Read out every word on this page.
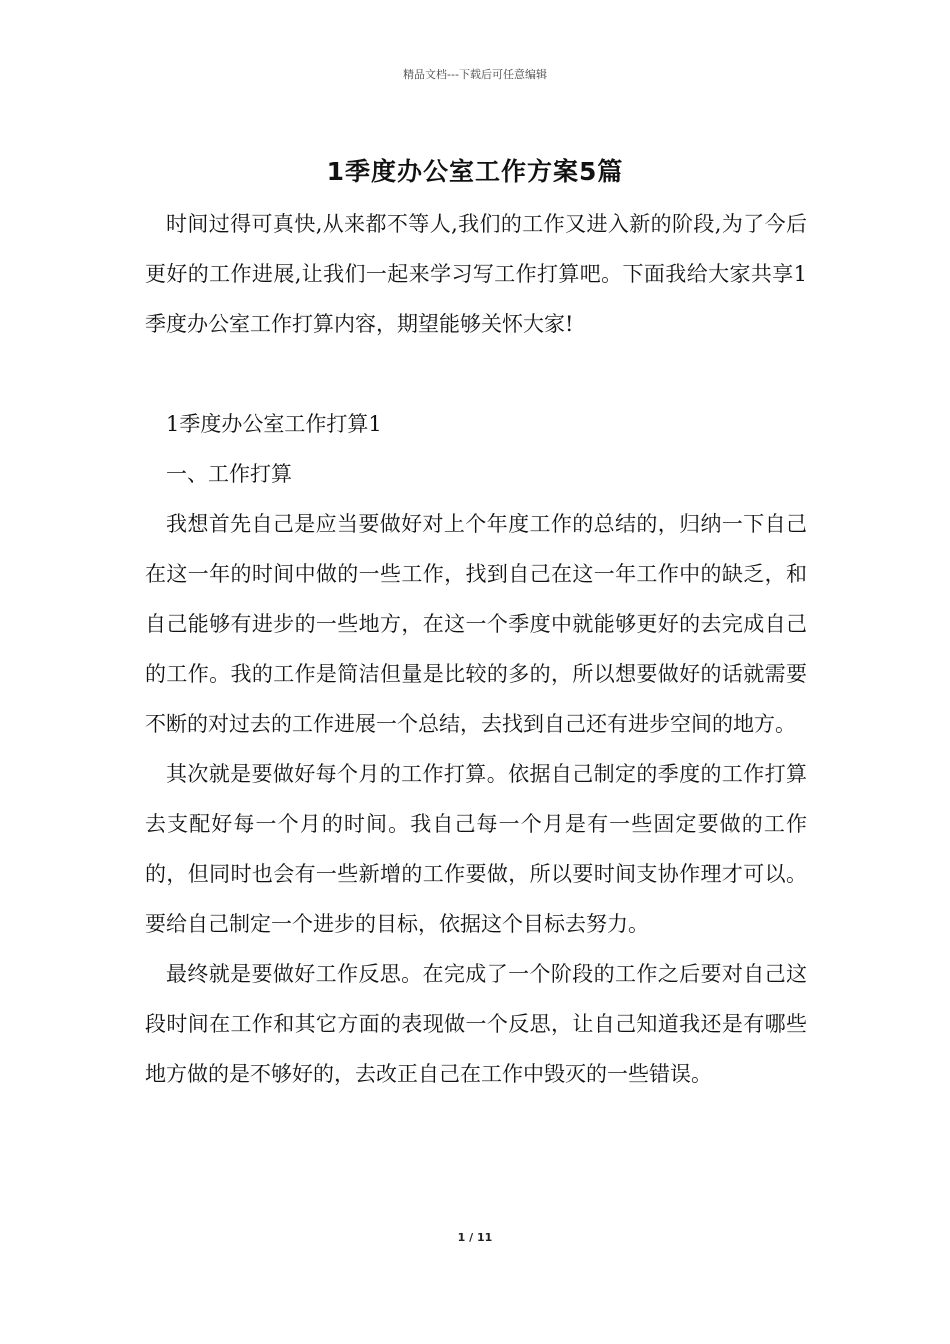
精品文档---下载后可任意编辑
1季度办公室工作方案5篇

时间过得可真快,从来都不等人,我们的工作又进入新的阶段,为了今后更好的工作进展,让我们一起来学习写工作打算吧。下面我给大家共享1季度办公室工作打算内容，期望能够关怀大家!

1季度办公室工作打算1

一、工作打算

我想首先自己是应当要做好对上个年度工作的总结的，归纳一下自己在这一年的时间中做的一些工作，找到自己在这一年工作中的缺乏，和自己能够有进步的一些地方，在这一个季度中就能够更好的去完成自己的工作。我的工作是简洁但量是比较的多的，所以想要做好的话就需要不断的对过去的工作进展一个总结，去找到自己还有进步空间的地方。

其次就是要做好每个月的工作打算。依据自己制定的季度的工作打算去支配好每一个月的时间。我自己每一个月是有一些固定要做的工作的，但同时也会有一些新增的工作要做，所以要时间支协作理才可以。要给自己制定一个进步的目标，依据这个目标去努力。

最终就是要做好工作反思。在完成了一个阶段的工作之后要对自己这段时间在工作和其它方面的表现做一个反思，让自己知道我还是有哪些地方做的是不够好的，去改正自己在工作中毁灭的一些错误。

1 / 11
